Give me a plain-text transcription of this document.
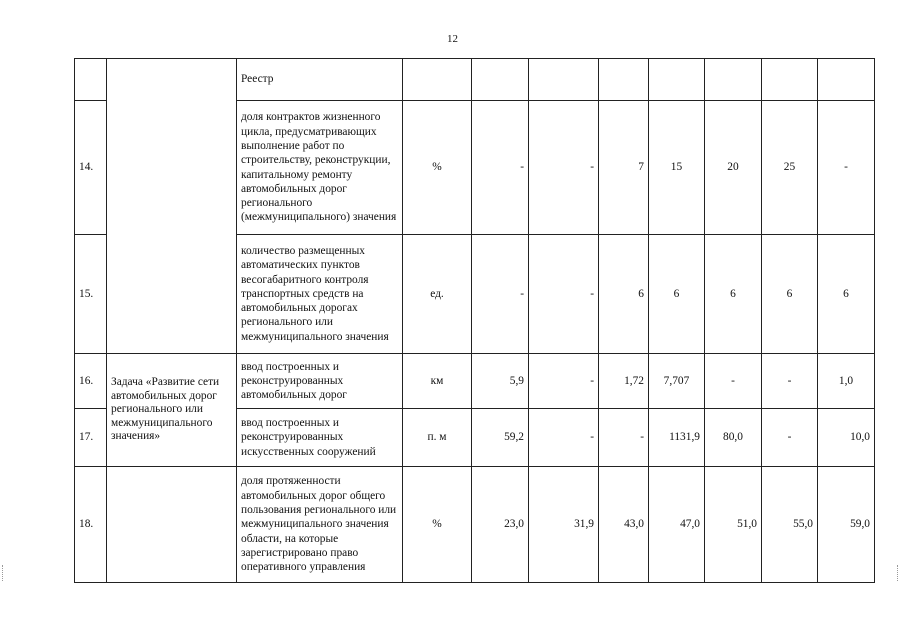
12
		Реестр								
14.		доля контрактов жизненного цикла, предусматривающих выполнение работ по строительству, реконструкции, капитальному ремонту автомобильных дорог регионального (межмуниципального) значения	%	-	-	7	15	20	25	-
15.		количество размещенных автоматических пунктов весогабаритного контроля транспортных средств на автомобильных дорогах регионального или межмуниципального значения	ед.	-	-	6	6	6	6	6
16.	Задача «Развитие сети автомобильных дорог регионального или межмуниципального значения»	ввод построенных и реконструированных автомобильных дорог	км	5,9	-	1,72	7,707	-	-	1,0
17.		ввод построенных и реконструированных искусственных сооружений	п. м	59,2	-	-	1131,9	80,0	-	10,0
18.		доля протяженности автомобильных дорог общего пользования регионального или межмуниципального значения области, на которые зарегистрировано право оперативного управления	%	23,0	31,9	43,0	47,0	51,0	55,0	59,0
